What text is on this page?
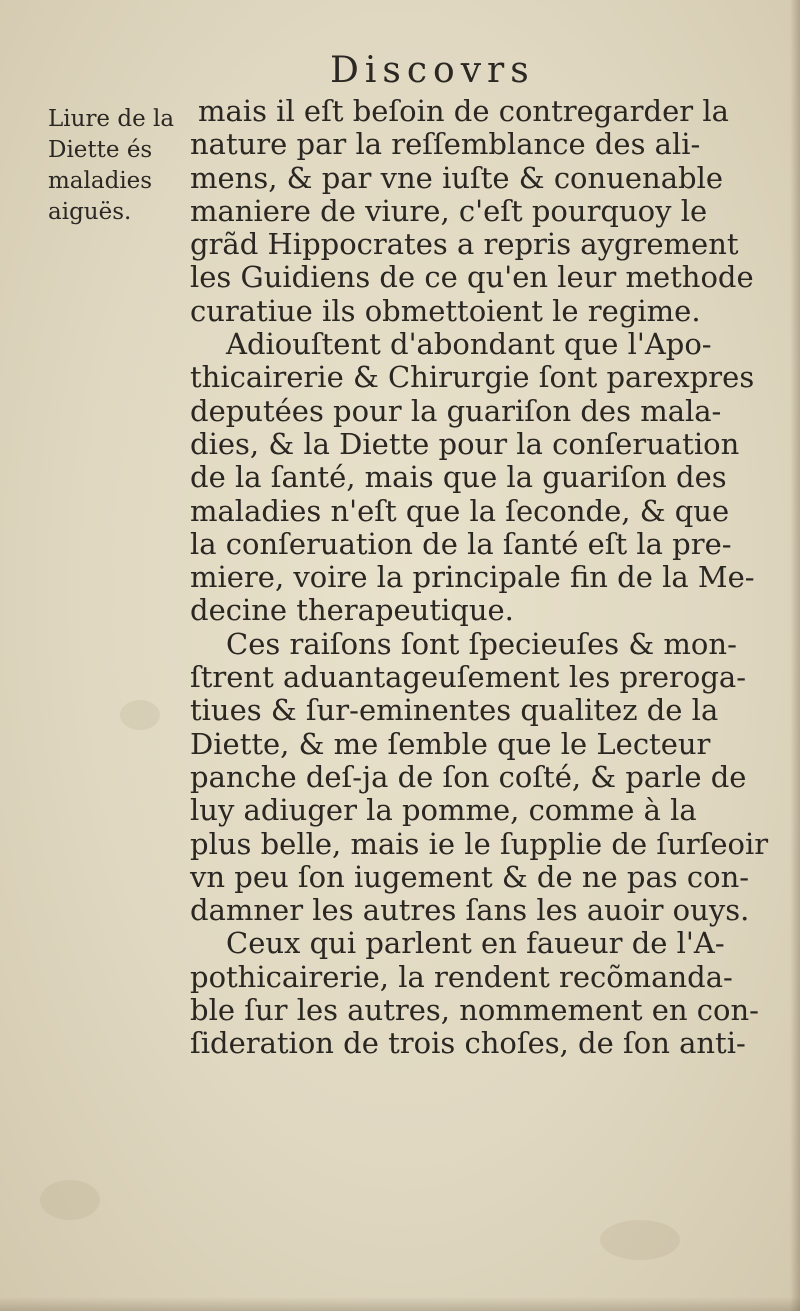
Discovrs
Liure de la
Diette és
maladies
aiguës.
mais il eſt beſoin de contregarder la
nature par la reſſemblance des ali-
mens, & par vne iuſte & conuenable
maniere de viure, c'eſt pourquoy le
grãd Hippocrates a repris aygrement
les Guidiens de ce qu'en leur methode
curatiue ils obmettoient le regime.
Adiouſtent d'abondant que l'Apo-
thicairerie & Chirurgie ſont parexpres
deputées pour la guariſon des mala-
dies, & la Diette pour la conſeruation
de la ſanté, mais que la guariſon des
maladies n'eſt que la ſeconde, & que
la conſeruation de la ſanté eſt la pre-
miere, voire la principale fin de la Me-
decine therapeutique.
Ces raiſons ſont ſpecieuſes & mon-
ſtrent aduantageuſement les preroga-
tiues & ſur-eminentes qualitez de la
Diette, & me ſemble que le Lecteur
panche deſ-ja de ſon coſté, & parle de
luy adiuger la pomme, comme à la
plus belle, mais ie le ſupplie de ſurſeoir
vn peu ſon iugement & de ne pas con-
damner les autres ſans les auoir ouys.
Ceux qui parlent en faueur de l'A-
pothicairerie, la rendent recõmanda-
ble ſur les autres, nommement en con-
ſideration de trois choſes, de ſon anti-
